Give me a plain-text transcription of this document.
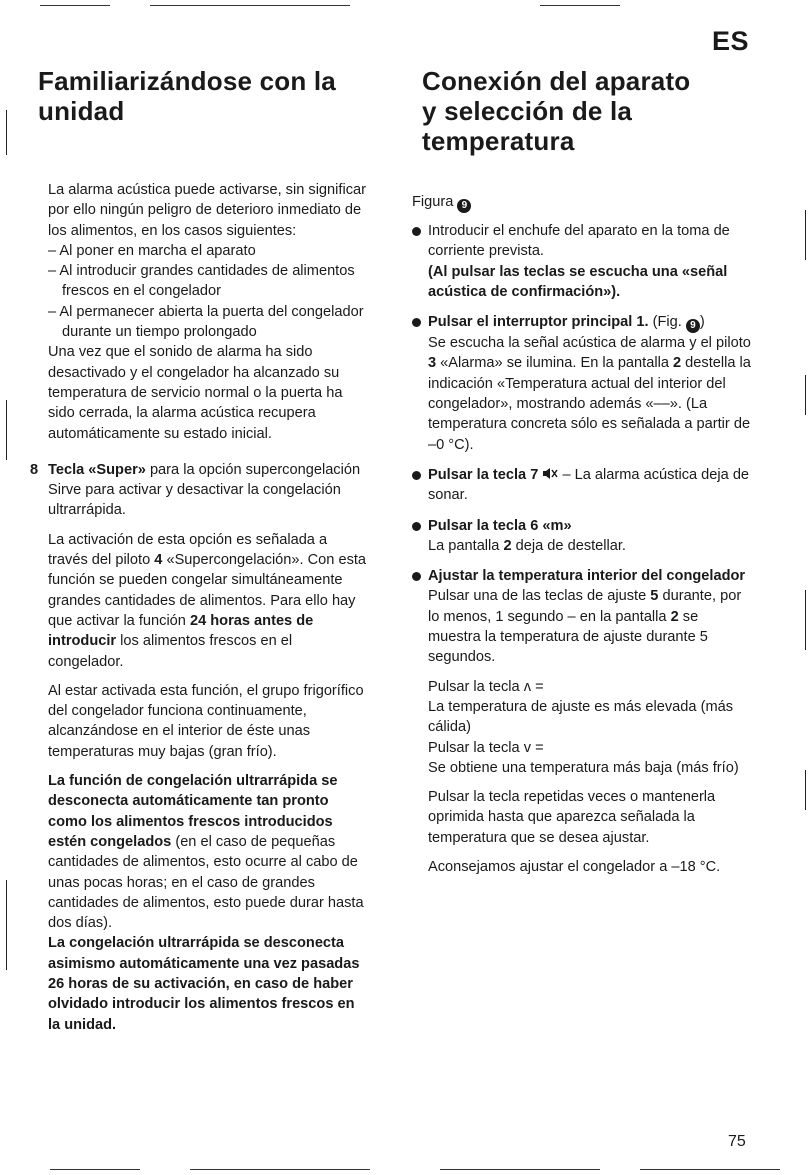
ES
Familiarizándose con la
unidad

La alarma acústica puede activarse, sin significar por ello ningún peligro de deterioro inmediato de los alimentos, en los casos siguientes:

– Al poner en marcha el aparato
– Al introducir grandes cantidades de alimentos frescos en el congelador
– Al permanecer abierta la puerta del congelador durante un tiempo prolongado

Una vez que el sonido de alarma ha sido desactivado y el congelador ha alcanzado su temperatura de servicio normal o la puerta ha sido cerrada, la alarma acústica recupera automáticamente su estado inicial.

8 Tecla «Super» para la opción supercongelación

Sirve para activar y desactivar la congelación ultrarrápida.

La activación de esta opción es señalada a través del piloto 4 «Supercongelación». Con esta función se pueden congelar simultáneamente grandes cantidades de alimentos. Para ello hay que activar la función 24 horas antes de introducir los alimentos frescos en el congelador.

Al estar activada esta función, el grupo frigorífico del congelador funciona continuamente, alcanzándose en el interior de éste unas temperaturas muy bajas (gran frío).

La función de congelación ultrarrápida se desconecta automáticamente tan pronto como los alimentos frescos introducidos estén congelados (en el caso de pequeñas cantidades de alimentos, esto ocurre al cabo de unas pocas horas; en el caso de grandes cantidades de alimentos, esto puede durar hasta dos días).

La congelación ultrarrápida se desconecta asimismo automáticamente una vez pasadas 26 horas de su activación, en caso de haber olvidado introducir los alimentos frescos en la unidad.

Conexión del aparato
y selección de la
temperatura

Figura 9

Introducir el enchufe del aparato en la toma de corriente prevista.

(Al pulsar las teclas se escucha una «señal acústica de confirmación»).

Pulsar el interruptor principal 1. (Fig. 9 )

Se escucha la señal acústica de alarma y el piloto 3 «Alarma» se ilumina. En la pantalla 2 destella la indicación «Temperatura actual del interior del congelador», mostrando además «––». (La temperatura concreta sólo es señalada a partir de –0 °C).

Pulsar la tecla 7  – La alarma acústica deja de sonar.

Pulsar la tecla 6 «m»

La pantalla 2 deja de destellar.

Ajustar la temperatura interior del congelador

Pulsar una de las teclas de ajuste 5 durante, por lo menos, 1 segundo – en la pantalla 2 se muestra la temperatura de ajuste durante 5 segundos.

Pulsar la tecla ʌ =

La temperatura de ajuste es más elevada (más cálida)

Pulsar la tecla v =

Se obtiene una temperatura más baja (más frío)

Pulsar la tecla repetidas veces o mantenerla oprimida hasta que aparezca señalada la temperatura que se desea ajustar.

Aconsejamos ajustar el congelador a –18 °C.

75
